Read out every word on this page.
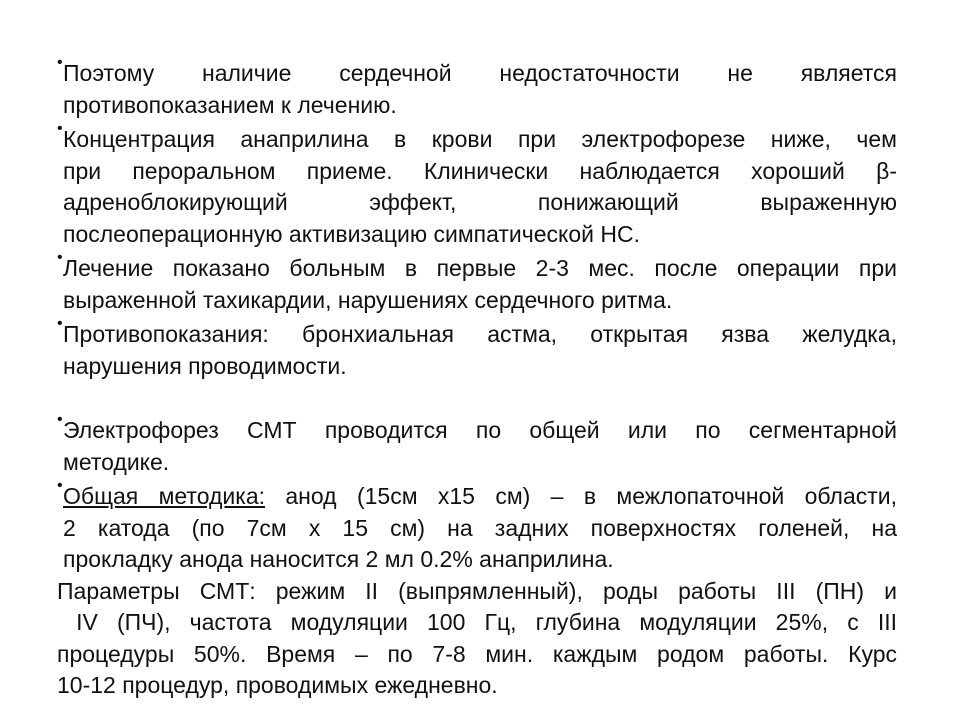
• Поэтому наличие сердечной недостаточности не является
противопоказанием к лечению.

• Концентрация анаприлина в крови при электрофорезе ниже, чем
при пероральном приеме. Клинически наблюдается хороший β-
адреноблокирующий эффект, понижающий выраженную
послеоперационную активизацию симпатической НС.

• Лечение показано больным в первые 2-3 мес. после операции при
выраженной тахикардии, нарушениях сердечного ритма.

• Противопоказания: бронхиальная астма, открытая язва желудка,
нарушения проводимости.

• Электрофорез СМТ проводится по общей или по сегментарной
методике.

• Общая методика: анод (15см х15 см) – в межлопаточной области,
2 катода (по 7см х 15 см) на задних поверхностях голеней, на
прокладку анода наносится 2 мл 0.2% анаприлина.

Параметры СМТ: режим II (выпрямленный), роды работы III (ПН) и
IV (ПЧ), частота модуляции 100 Гц, глубина модуляции 25%, с III
процедуры 50%. Время – по 7-8 мин. каждым родом работы. Курс
10-12 процедур, проводимых ежедневно.
